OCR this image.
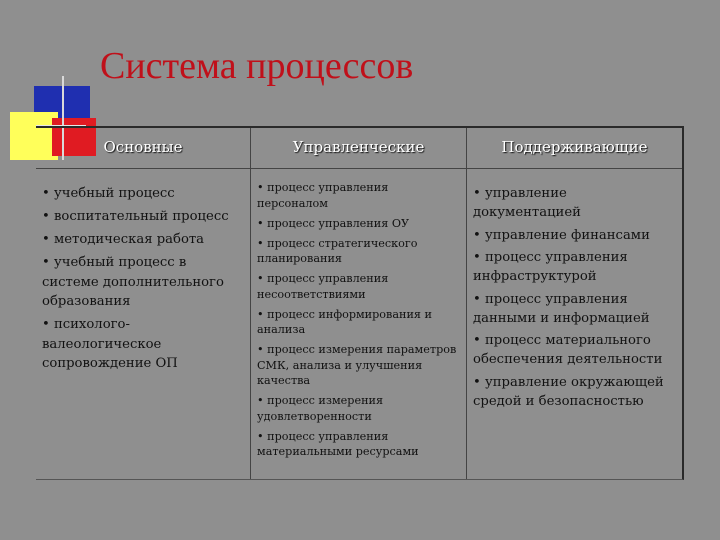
Система процессов
Основные
• учебный процесс
• воспитательный процесс
• методическая работа
• учебный процесс в системе дополнительного образования
• психолого-валеологическое сопровождение ОП
Управленческие
• процесс управления персоналом
• процесс управления ОУ
• процесс стратегического планирования
• процесс управления несоответствиями
• процесс информирования и анализа
• процесс измерения параметров СМК, анализа и улучшения качества
• процесс измерения удовлетворенности
• процесс управления материальными ресурсами
Поддерживающие
• управление документацией
• управление финансами
• процесс управления инфраструктурой
• процесс управления данными и информацией
• процесс материального обеспечения деятельности
• управление окружающей средой и безопасностью
